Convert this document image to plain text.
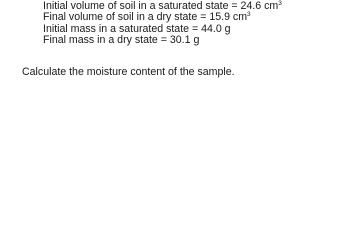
Initial volume of soil in a saturated state = 24.6 $cm^3$
Final volume of soil in a dry state = 15.9 $cm^3$
Initial mass in a saturated state = 44.0 g
Final mass in a dry state = 30.1 g

Calculate the moisture content of the sample.
